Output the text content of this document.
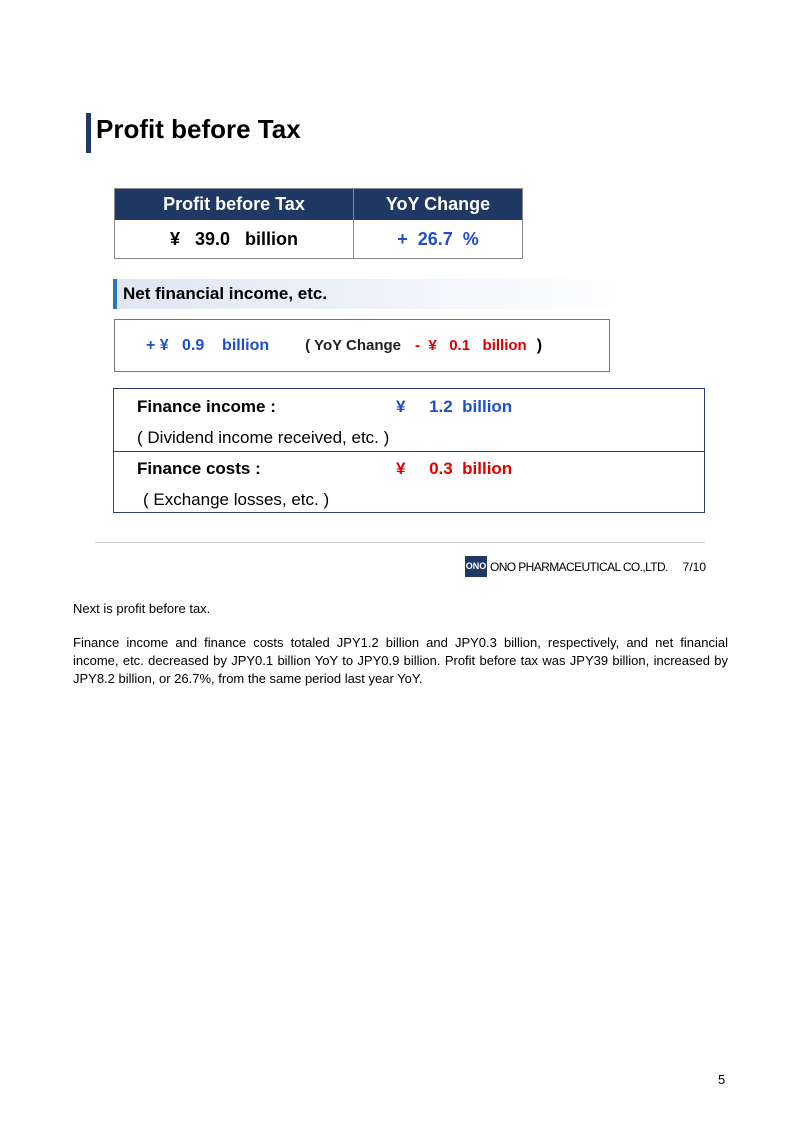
Profit before Tax
Profit before Tax	YoY Change
¥   39.0   billion	+  26.7  %
Net financial income, etc.
+ ¥   0.9    billion ( YoY Change -  ¥   0.1   billion )
Finance income :	¥     1.2  billion
( Dividend income received, etc. )
Finance costs :	¥     0.3  billion
( Exchange losses, etc. )
ONO ONO PHARMACEUTICAL CO.,LTD. 7/10
Next is profit before tax.
Finance income and finance costs totaled JPY1.2 billion and JPY0.3 billion, respectively, and net financial income, etc. decreased by JPY0.1 billion YoY to JPY0.9 billion. Profit before tax was JPY39 billion, increased by JPY8.2 billion, or 26.7%, from the same period last year YoY.
5
